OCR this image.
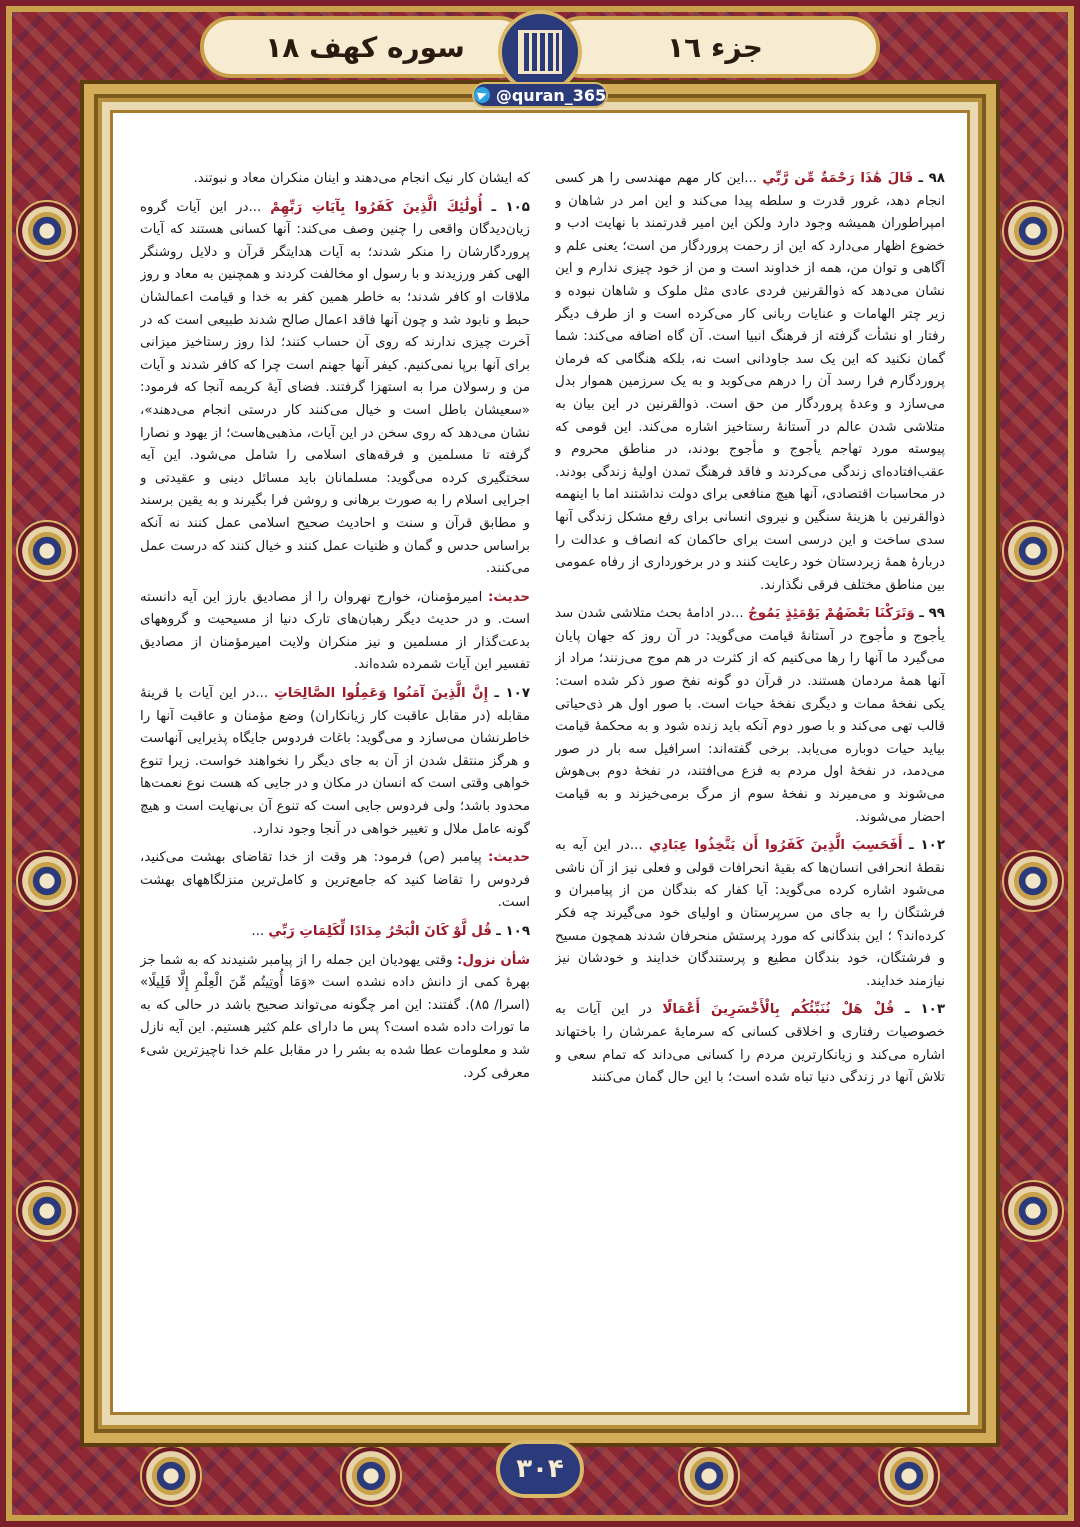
سوره کهف ۱۸	جزء ۱٦
@quran_365

۹۸ ـ قَالَ هَٰذَا رَحْمَةٌ مِّن رَّبِّي ...این کار مهم مهندسی را هر کسی انجام دهد، غرور قدرت و سلطه پیدا می‌کند و این امر در شاهان و امپراطوران همیشه وجود دارد ولکن این امیر قدرتمند با نهایت ادب و خضوع اظهار می‌دارد که این از رحمت پروردگار من است؛ یعنی علم و آگاهی و توان من، همه از خداوند است و من از خود چیزی ندارم و این نشان می‌دهد که ذوالقرنین فردی عادی مثل ملوک و شاهان نبوده و زیر چتر الهامات و عنایات ربانی کار می‌کرده است و از طرف دیگر رفتار او نشأت گرفته از فرهنگ انبیا است. آن گاه اضافه می‌کند: شما گمان نکنید که این یک سد جاودانی است نه، بلکه هنگامی که فرمان پروردگارم فرا رسد آن را درهم می‌کوبد و به یک سرزمین هموار بدل می‌سازد و وعدهٔ پروردگار من حق است. ذوالقرنین در این بیان به متلاشی شدن عالم در آستانهٔ رستاخیز اشاره می‌کند. این قومی که پیوسته مورد تهاجم یأجوج و مأجوج بودند، در مناطق محروم و عقب‌افتاده‌ای زندگی می‌کردند و فاقد فرهنگ تمدن اولیهٔ زندگی بودند. در محاسبات اقتصادی، آنها هیچ منافعی برای دولت نداشتند اما با اینهمه ذوالقرنین با هزینهٔ سنگین و نیروی انسانی برای رفع مشکل زندگی آنها سدی ساخت و این درسی است برای حاکمان که انصاف و عدالت را دربارهٔ همهٔ زیردستان خود رعایت کنند و در برخورداری از رفاه عمومی بین مناطق مختلف فرقی نگذارند.

۹۹ ـ وَتَرَكْنَا بَعْضَهُمْ يَوْمَئِذٍ يَمُوجُ ...در ادامهٔ بحث متلاشی شدن سد یأجوج و مأجوج در آستانهٔ قیامت می‌گوید: در آن روز که جهان پایان می‌گیرد ما آنها را رها می‌کنیم که از کثرت در هم موج می‌زنند؛ مراد از آنها همهٔ مردمان هستند. در قرآن دو گونه نفخ صور ذکر شده است: یکی نفخهٔ ممات و دیگری نفخهٔ حیات است. با صور اول هر ذی‌حیاتی قالب تهی می‌کند و با صور دوم آنکه باید زنده شود و به محکمهٔ قیامت بیاید حیات دوباره می‌یابد. برخی گفته‌اند: اسرافیل سه بار در صور می‌دمد، در نفخهٔ اول مردم به فزع می‌افتند، در نفخهٔ دوم بی‌هوش می‌شوند و می‌میرند و نفخهٔ سوم از مرگ برمی‌خیزند و به قیامت احضار می‌شوند.

۱۰۲ ـ أَفَحَسِبَ الَّذِينَ كَفَرُوا أَن يَتَّخِذُوا عِبَادِي ...در این آیه به نقطهٔ انحرافی انسان‌ها که بقیهٔ انحرافات قولی و فعلی نیز از آن ناشی می‌شود اشاره کرده می‌گوید: آیا کفار که بندگان من از پیامبران و فرشتگان را به جای من سرپرستان و اولیای خود می‌گیرند چه فکر کرده‌اند؟ ؛ این بندگانی که مورد پرستش منحرفان شدند همچون مسیح و فرشتگان، خود بندگان مطیع و پرستندگان خدایند و خودشان نیز نیازمند خدایند.

۱۰۳ ـ قُلْ هَلْ نُنَبِّئُكُم بِالْأَخْسَرِينَ أَعْمَالًا در این آیات به خصوصیات رفتاری و اخلاقی کسانی که سرمایهٔ عمرشان را باختهاند اشاره می‌کند و زیانکارترین مردم را کسانی می‌داند که تمام سعی و تلاش آنها در زندگی دنیا تباه شده است؛ با این حال گمان می‌کنند

که ایشان کار نیک انجام می‌دهند و اینان منکران معاد و نبوتند.

۱۰۵ ـ أُولَٰئِكَ الَّذِينَ كَفَرُوا بِآيَاتِ رَبِّهِمْ ...در این آیات گروه زیان‌دیدگان واقعی را چنین وصف می‌کند: آنها کسانی هستند که آیات پروردگارشان را منکر شدند؛ به آیات هدایتگر قرآن و دلایل روشنگر الهی کفر ورزیدند و با رسول او مخالفت کردند و همچنین به معاد و روز ملاقات او کافر شدند؛ به خاطر همین کفر به خدا و قیامت اعمالشان حبط و نابود شد و چون آنها فاقد اعمال صالح شدند طبیعی است که در آخرت چیزی ندارند که روی آن حساب کنند؛ لذا روز رستاخیز میزانی برای آنها برپا نمی‌کنیم. کیفر آنها جهنم است چرا که کافر شدند و آیات من و رسولان مرا به استهزا گرفتند. فضای آیهٔ کریمه آنجا که فرمود: «سعیشان باطل است و خیال می‌کنند کار درستی انجام می‌دهند»، نشان می‌دهد که روی سخن در این آیات، مذهبی‌هاست؛ از یهود و نصارا گرفته تا مسلمین و فرقه‌های اسلامی را شامل می‌شود. این آیه سختگیری کرده می‌گوید: مسلمانان باید مسائل دینی و عقیدتی و اجرایی اسلام را به صورت برهانی و روشن فرا بگیرند و به یقین برسند و مطابق قرآن و سنت و احادیث صحیح اسلامی عمل کنند نه آنکه براساس حدس و گمان و ظنیات عمل کنند و خیال کنند که درست عمل می‌کنند.

حدیث: امیرمؤمنان، خوارج نهروان را از مصادیق بارز این آیه دانسته است. و در حدیث دیگر رهبان‌های تارک دنیا از مسیحیت و گروههای بدعت‌گذار از مسلمین و نیز منکران ولایت امیرمؤمنان از مصادیق تفسیر این آیات شمرده شده‌اند.

۱۰۷ ـ إِنَّ الَّذِينَ آمَنُوا وَعَمِلُوا الصَّالِحَاتِ ...در این آیات با قرینهٔ مقابله (در مقابل عاقبت کار زیانکاران) وضع مؤمنان و عاقبت آنها را خاطرنشان می‌سازد و می‌گوید: باغات فردوس جایگاه پذیرایی آنهاست و هرگز منتقل شدن از آن به جای دیگر را نخواهند خواست. زیرا تنوع خواهی وقتی است که انسان در مکان و در جایی که هست نوع نعمت‌ها محدود باشد؛ ولی فردوس جایی است که تنوع آن بی‌نهایت است و هیچ گونه عامل ملال و تغییر خواهی در آنجا وجود ندارد.

حدیث: پیامبر (ص) فرمود: هر وقت از خدا تقاضای بهشت می‌کنید، فردوس را تقاضا کنید که جامع‌ترین و کامل‌ترین منزلگاههای بهشت است.

۱۰۹ ـ قُل لَّوْ كَانَ الْبَحْرُ مِدَادًا لِّكَلِمَاتِ رَبِّي ...

شأن نزول: وقتی یهودیان این جمله را از پیامبر شنیدند که به شما جز بهرهٔ کمی از دانش داده نشده است «وَمَا أُوتِيتُم مِّنَ الْعِلْمِ إِلَّا قَلِيلًا» (اسرا/ ۸۵). گفتند: این امر چگونه می‌تواند صحیح باشد در حالی که به ما تورات داده شده است؟ پس ما دارای علم کثیر هستیم. این آیه نازل شد و معلومات عطا شده به بشر را در مقابل علم خدا ناچیزترین شیء معرفی کرد.

۳۰۴
